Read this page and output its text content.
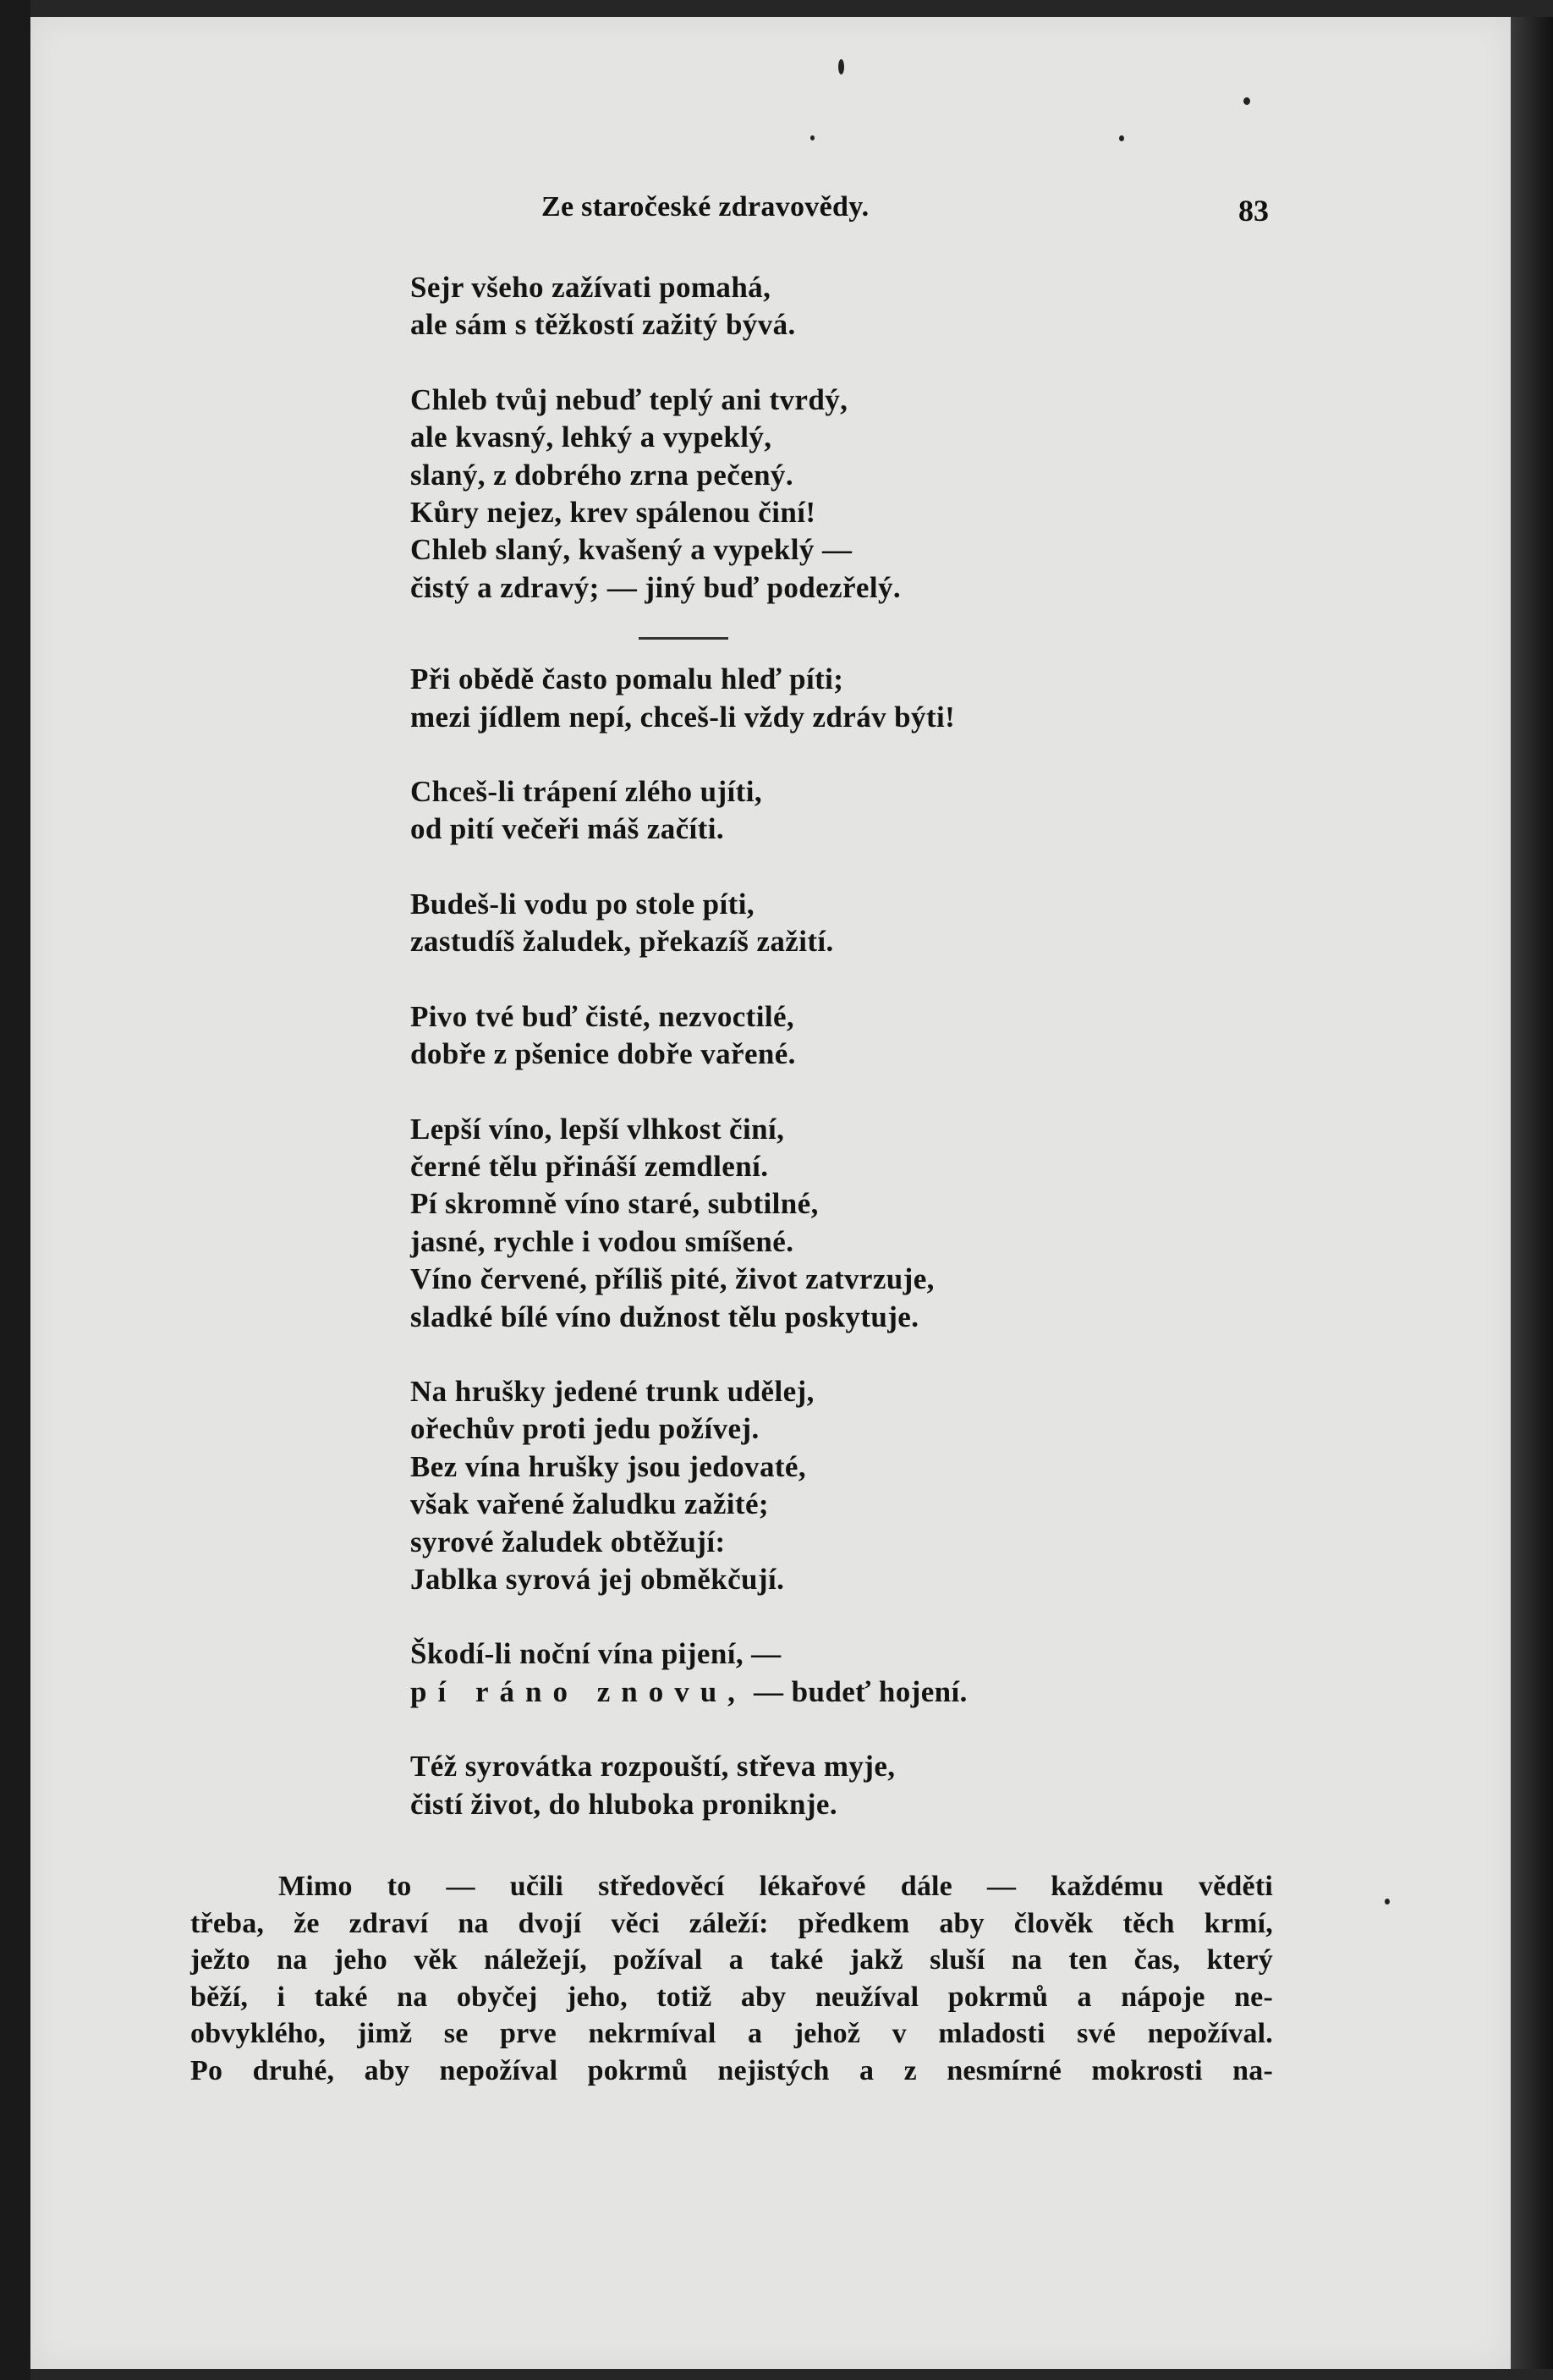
Ze staročeské zdravovědy.	83
Sejr všeho zažívati pomahá,
ale sám s těžkostí zažitý bývá.
Chleb tvůj nebuď teplý ani tvrdý,
ale kvasný, lehký a vypeklý,
slaný, z dobrého zrna pečený.
Kůry nejez, krev spálenou činí!
Chleb slaný, kvašený a vypeklý —
čistý a zdravý; — jiný buď podezřelý.
Při obědě často pomalu hleď píti;
mezi jídlem nepí, chceš-li vždy zdráv býti!
Chceš-li trápení zlého ujíti,
od pití večeři máš začíti.
Budeš-li vodu po stole píti,
zastudíš žaludek, překazíš zažití.
Pivo tvé buď čisté, nezvoctilé,
dobře z pšenice dobře vařené.
Lepší víno, lepší vlhkost činí,
černé tělu přináší zemdlení.
Pí skromně víno staré, subtilné,
jasné, rychle i vodou smíšené.
Víno červené, příliš pité, život zatvrzuje,
sladké bílé víno dužnost tělu poskytuje.
Na hrušky jedené trunk udělej,
ořechův proti jedu požívej.
Bez vína hrušky jsou jedovaté,
však vařené žaludku zažité;
syrové žaludek obtěžují:
Jablka syrová jej obměkčují.
Škodí-li noční vína pijení, —
pí ráno znovu, — budeť hojení.
Též syrovátka rozpouští, střeva myje,
čistí život, do hluboka proniknje.
Mimo to — učili středověcí lékařové dále — každému věděti
třeba, že zdraví na dvojí věci záleží: předkem aby člověk těch krmí,
ježto na jeho věk náležejí, požíval a také jakž sluší na ten čas, který
běží, i také na obyčej jeho, totiž aby neužíval pokrmů a nápoje ne-
obvyklého, jimž se prve nekrmíval a jehož v mladosti své nepožíval.
Po druhé, aby nepožíval pokrmů nejistých a z nesmírné mokrosti na-
